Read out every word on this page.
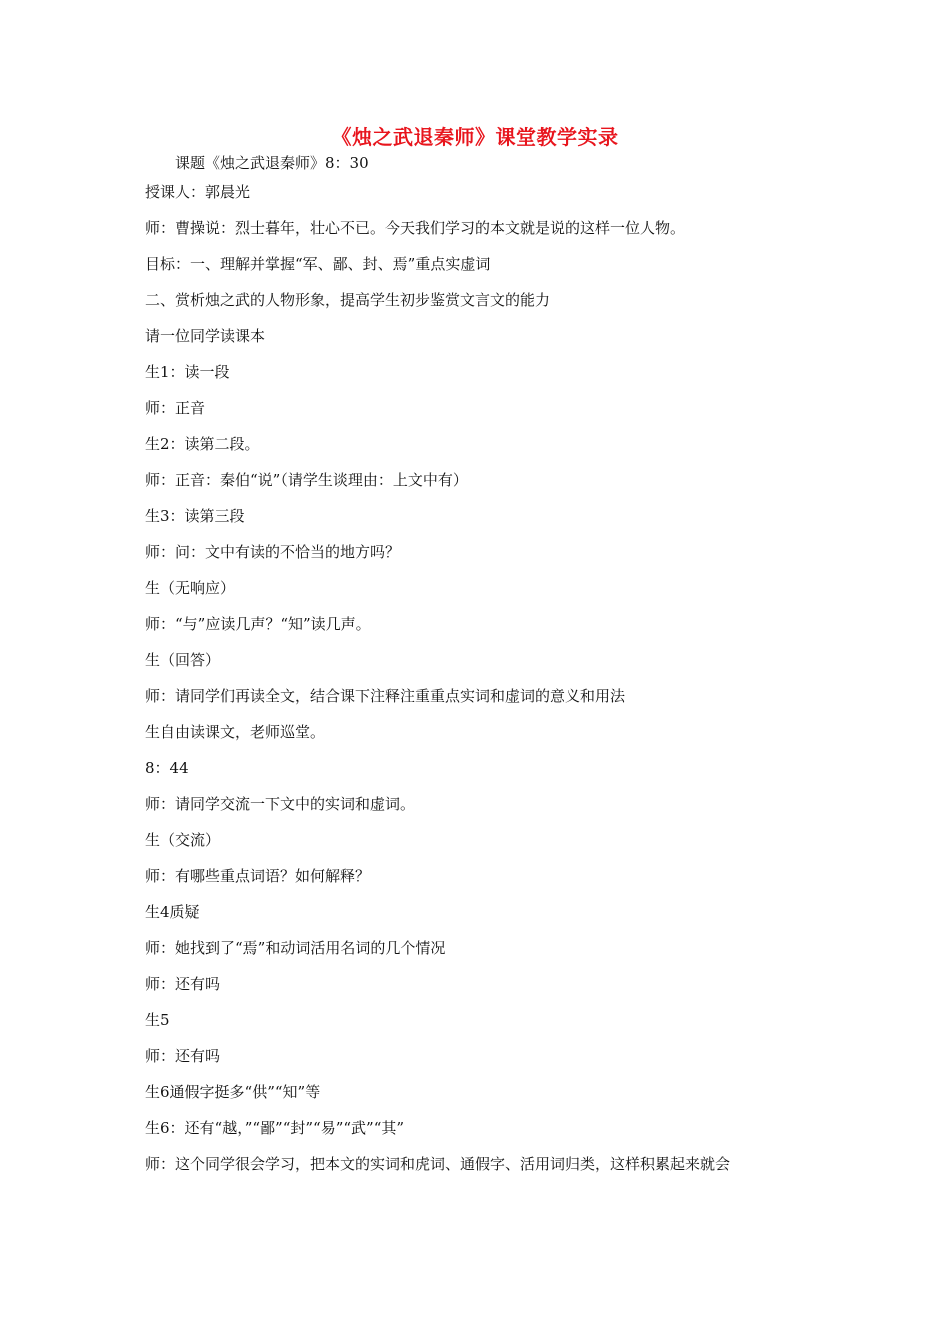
《烛之武退秦师》课堂教学实录
课题《烛之武退秦师》8：30
授课人：郭晨光
师：曹操说：烈士暮年，壮心不已。今天我们学习的本文就是说的这样一位人物。
目标：一、理解并掌握“军、鄙、封、焉”重点实虚词
二、赏析烛之武的人物形象，提高学生初步鉴赏文言文的能力
请一位同学读课本
生1：读一段
师：正音
生2：读第二段。
师：正音：秦伯“说”（请学生谈理由：上文中有）
生3：读第三段
师：问：文中有读的不恰当的地方吗？
生（无响应）
师：“与”应读几声？“知”读几声。
生（回答）
师：请同学们再读全文，结合课下注释注重重点实词和虚词的意义和用法
生自由读课文，老师巡堂。
8：44
师：请同学交流一下文中的实词和虚词。
生（交流）
师：有哪些重点词语？如何解释？
生4质疑
师：她找到了“焉”和动词活用名词的几个情况
师：还有吗
生5
师：还有吗
生6通假字挺多“供”“知”等
生6：还有“越，”“鄙”“封”“易”“武”“其”
师：这个同学很会学习，把本文的实词和虎词、通假字、活用词归类，这样积累起来就会
